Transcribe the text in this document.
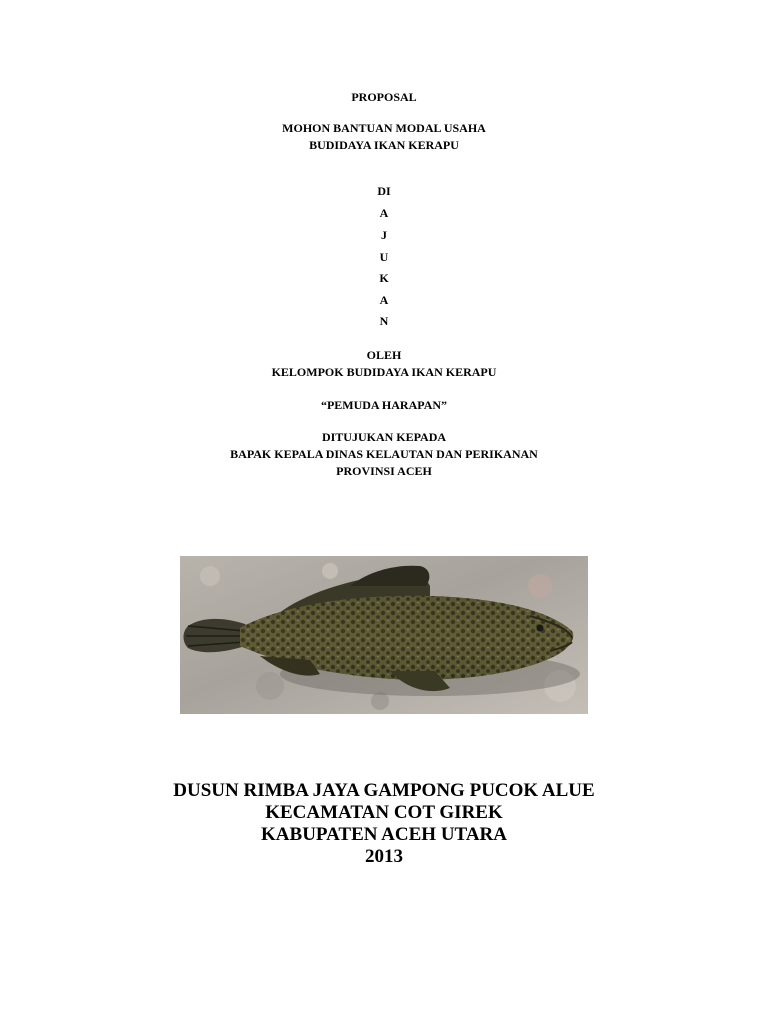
PROPOSAL
MOHON BANTUAN MODAL USAHA
BUDIDAYA IKAN KERAPU
DI
A
J
U
K
A
N
OLEH
KELOMPOK BUDIDAYA IKAN KERAPU
“PEMUDA HARAPAN”
DITUJUKAN KEPADA
BAPAK KEPALA DINAS KELAUTAN DAN PERIKANAN
PROVINSI ACEH
DUSUN RIMBA JAYA GAMPONG PUCOK ALUE
KECAMATAN COT GIREK
KABUPATEN ACEH UTARA
2013
